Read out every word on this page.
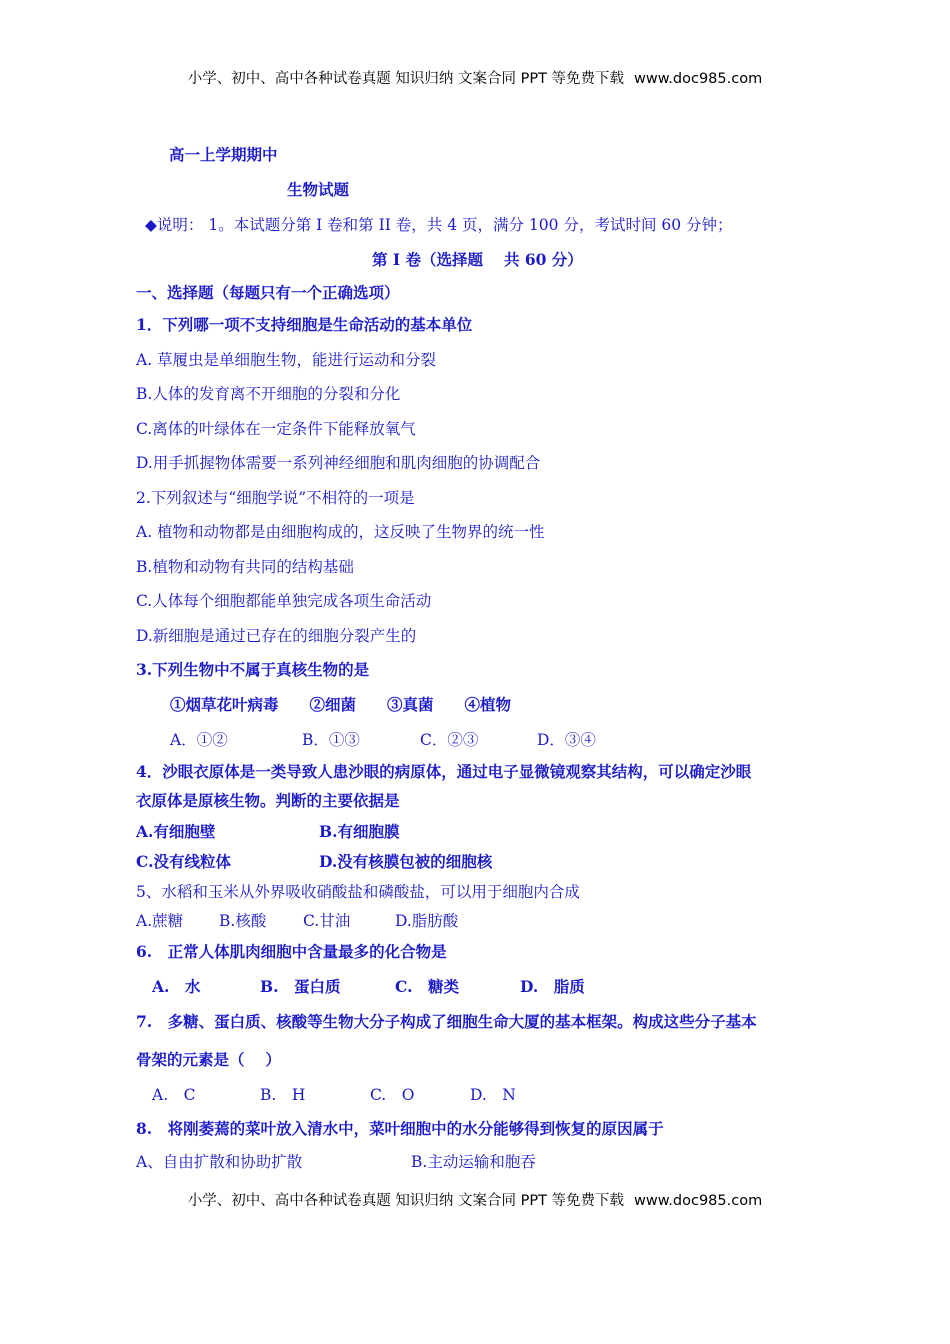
小学、初中、高中各种试卷真题 知识归纳 文案合同 PPT 等免费下载 www.doc985.com
高一上学期期中
生物试题
◆说明： 1。本试题分第 I 卷和第 II 卷，共 4 页，满分 100 分，考试时间 60 分钟；
第 I 卷（选择题　 共 60 分）
一、选择题（每题只有一个正确选项）
1．下列哪一项不支持细胞是生命活动的基本单位
A. 草履虫是单细胞生物，能进行运动和分裂
B.人体的发育离不开细胞的分裂和分化
C.离体的叶绿体在一定条件下能释放氧气
D.用手抓握物体需要一系列神经细胞和肌肉细胞的协调配合
2.下列叙述与“细胞学说”不相符的一项是
A. 植物和动物都是由细胞构成的，这反映了生物界的统一性
B.植物和动物有共同的结构基础
C.人体每个细胞都能单独完成各项生命活动
D.新细胞是通过已存在的细胞分裂产生的
3.下列生物中不属于真核生物的是
①烟草花叶病毒　　②细菌　　③真菌　　④植物
A．①②	B．①③	C．②③	D．③④
4．沙眼衣原体是一类导致人患沙眼的病原体，通过电子显微镜观察其结构，可以确定沙眼
衣原体是原核生物。判断的主要依据是
A.有细胞壁	B.有细胞膜
C.没有线粒体	D.没有核膜包被的细胞核
5、水稻和玉米从外界吸收硝酸盐和磷酸盐，可以用于细胞内合成
A.蔗糖 B.核酸 C.甘油	D.脂肪酸
6.　正常人体肌肉细胞中含量最多的化合物是
A.　水	B.　蛋白质	C.　糖类	D.　脂质
7.　多糖、蛋白质、核酸等生物大分子构成了细胞生命大厦的基本框架。构成这些分子基本
骨架的元素是（　 ）
A.　C	B.　H	C.　O	D.　N
8.　将刚萎蔫的菜叶放入清水中，菜叶细胞中的水分能够得到恢复的原因属于
A、自由扩散和协助扩散	B.主动运输和胞吞
小学、初中、高中各种试卷真题 知识归纳 文案合同 PPT 等免费下载 www.doc985.com
